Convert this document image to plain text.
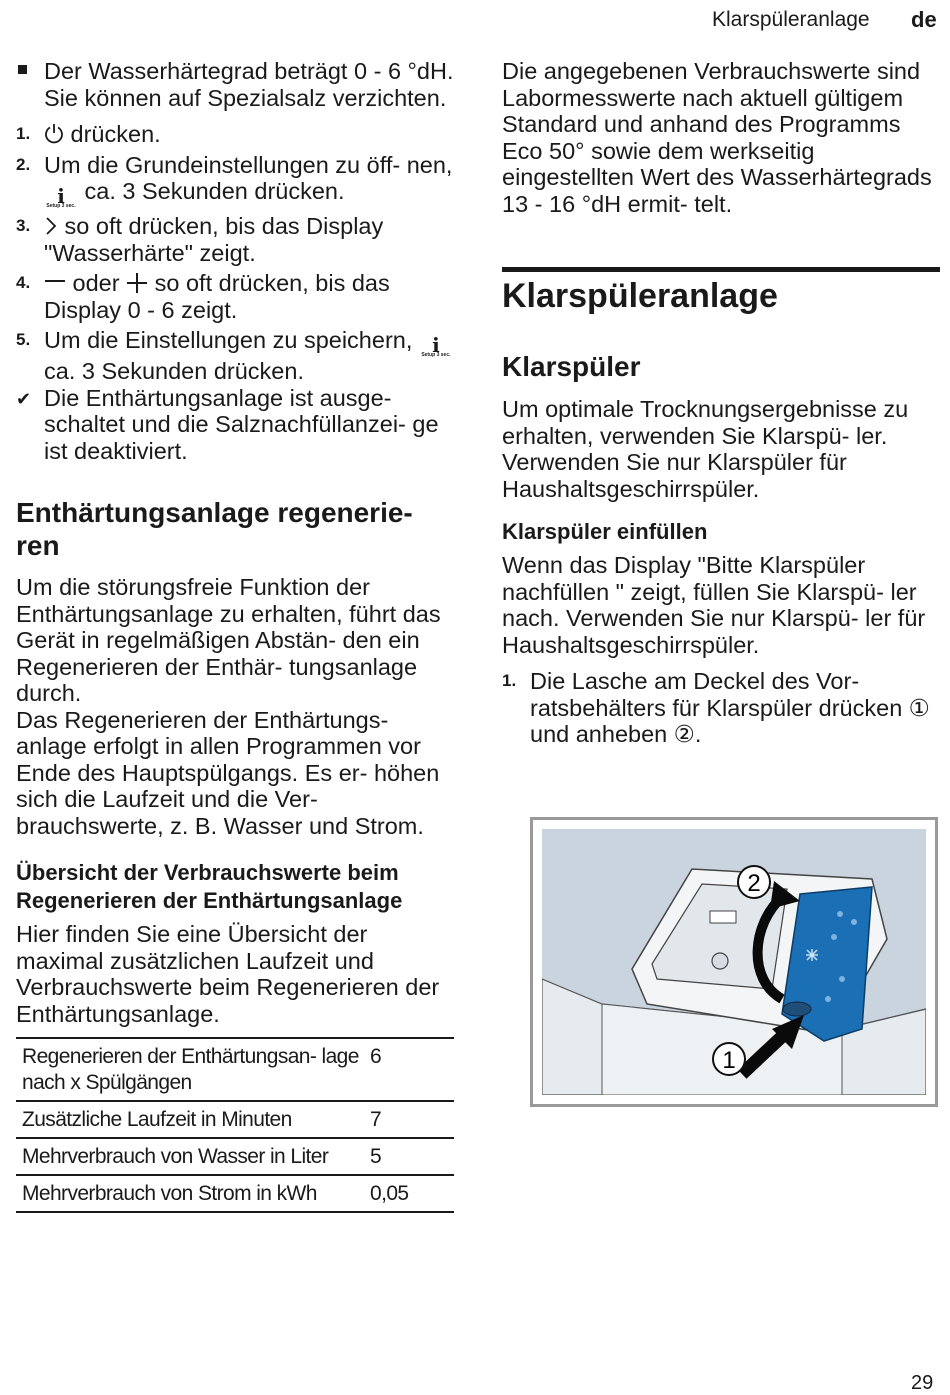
Klarspüleranlage de
Der Wasserhärtegrad beträgt 0 - 6 °dH. Sie können auf Spezialsalz verzichten.
1. drücken.
2. Um die Grundeinstellungen zu öff- nen,
i
Setup 3 sec.
ca. 3 Sekunden drücken.
3. so oft drücken, bis das Display "Wasserhärte" zeigt.
4. oder  so oft drücken, bis das Display 0 - 6 zeigt.
5. Um die Einstellungen zu speichern, i
Setup 3 sec.
ca. 3 Sekunden drücken.
✔ Die Enthärtungsanlage ist ausge- schaltet und die Salznachfüllanzei- ge ist deaktiviert.
Enthärtungsanlage regenerie- ren

Um die störungsfreie Funktion der Enthärtungsanlage zu erhalten, führt das Gerät in regelmäßigen Abstän- den ein Regenerieren der Enthär- tungsanlage durch.

Das Regenerieren der Enthärtungs- anlage erfolgt in allen Programmen vor Ende des Hauptspülgangs. Es er- höhen sich die Laufzeit und die Ver- brauchswerte, z. B. Wasser und Strom.

Übersicht der Verbrauchswerte beim Regenerieren der Enthärtungsanlage

Hier finden Sie eine Übersicht der maximal zusätzlichen Laufzeit und Verbrauchswerte beim Regenerieren der Enthärtungsanlage.

Regenerieren der Enthärtungsan- lage nach x Spülgängen	6
Zusätzliche Laufzeit in Minuten	7
Mehrverbrauch von Wasser in Liter	5
Mehrverbrauch von Strom in kWh	0,05

Die angegebenen Verbrauchswerte sind Labormesswerte nach aktuell gültigem Standard und anhand des Programms Eco 50° sowie dem werkseitig eingestellten Wert des Wasserhärtegrads 13 - 16 °dH ermit- telt.

Klarspüleranlage
Klarspüler

Um optimale Trocknungsergebnisse zu erhalten, verwenden Sie Klarspü- ler.

Verwenden Sie nur Klarspüler für Haushaltsgeschirrspüler.

Klarspüler einfüllen

Wenn das Display "Bitte Klarspüler nachfüllen " zeigt, füllen Sie Klarspü- ler nach. Verwenden Sie nur Klarspü- ler für Haushaltsgeschirrspüler.

1. Die Lasche am Deckel des Vor- ratsbehälters für Klarspüler drücken ① und anheben ②.
2
1
29
